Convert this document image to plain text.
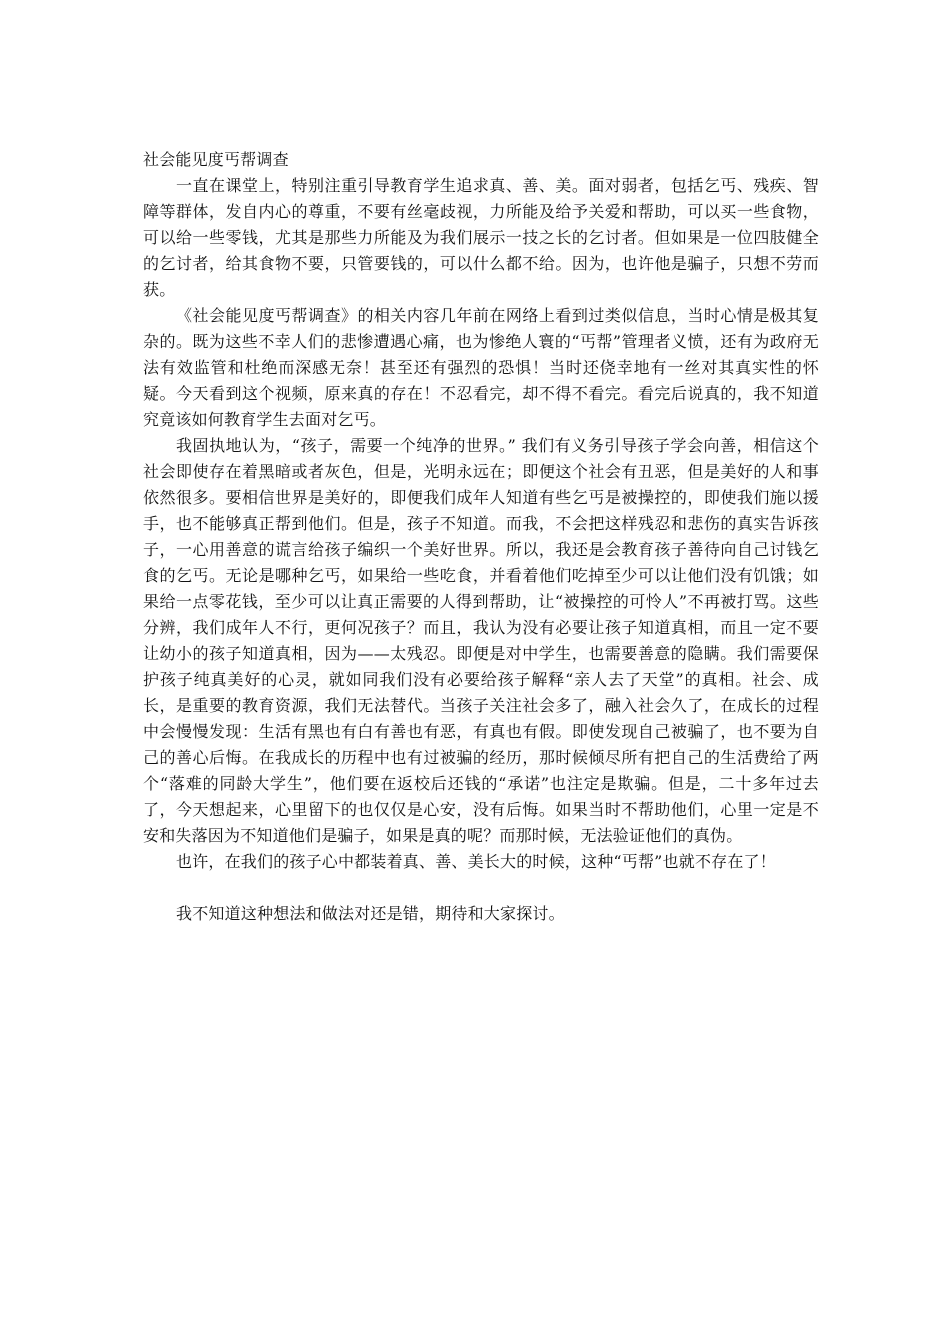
社会能见度丐帮调查

一直在课堂上，特别注重引导教育学生追求真、善、美。面对弱者，包括乞丐、残疾、智障等群体，发自内心的尊重，不要有丝毫歧视，力所能及给予关爱和帮助，可以买一些食物，可以给一些零钱，尤其是那些力所能及为我们展示一技之长的乞讨者。但如果是一位四肢健全的乞讨者，给其食物不要，只管要钱的，可以什么都不给。因为，也许他是骗子，只想不劳而获。

《社会能见度丐帮调查》的相关内容几年前在网络上看到过类似信息，当时心情是极其复杂的。既为这些不幸人们的悲惨遭遇心痛，也为惨绝人寰的“丐帮”管理者义愤，还有为政府无法有效监管和杜绝而深感无奈！甚至还有强烈的恐惧！当时还侥幸地有一丝对其真实性的怀疑。今天看到这个视频，原来真的存在！不忍看完，却不得不看完。看完后说真的，我不知道究竟该如何教育学生去面对乞丐。

我固执地认为，“孩子，需要一个纯净的世界。” 我们有义务引导孩子学会向善，相信这个社会即使存在着黑暗或者灰色，但是，光明永远在；即便这个社会有丑恶，但是美好的人和事依然很多。要相信世界是美好的，即便我们成年人知道有些乞丐是被操控的，即使我们施以援手，也不能够真正帮到他们。但是，孩子不知道。而我，不会把这样残忍和悲伤的真实告诉孩子，一心用善意的谎言给孩子编织一个美好世界。所以，我还是会教育孩子善待向自己讨钱乞食的乞丐。无论是哪种乞丐，如果给一些吃食，并看着他们吃掉至少可以让他们没有饥饿；如果给一点零花钱，至少可以让真正需要的人得到帮助，让“被操控的可怜人”不再被打骂。这些分辨，我们成年人不行，更何况孩子？而且，我认为没有必要让孩子知道真相，而且一定不要让幼小的孩子知道真相，因为——太残忍。即便是对中学生，也需要善意的隐瞒。我们需要保护孩子纯真美好的心灵，就如同我们没有必要给孩子解释“亲人去了天堂”的真相。社会、成长，是重要的教育资源，我们无法替代。当孩子关注社会多了，融入社会久了，在成长的过程中会慢慢发现：生活有黑也有白有善也有恶，有真也有假。即使发现自己被骗了，也不要为自己的善心后悔。在我成长的历程中也有过被骗的经历，那时候倾尽所有把自己的生活费给了两个“落难的同龄大学生”，他们要在返校后还钱的“承诺”也注定是欺骗。但是，二十多年过去了，今天想起来，心里留下的也仅仅是心安，没有后悔。如果当时不帮助他们，心里一定是不安和失落因为不知道他们是骗子，如果是真的呢？而那时候，无法验证他们的真伪。

也许，在我们的孩子心中都装着真、善、美长大的时候，这种“丐帮”也就不存在了！

我不知道这种想法和做法对还是错，期待和大家探讨。
